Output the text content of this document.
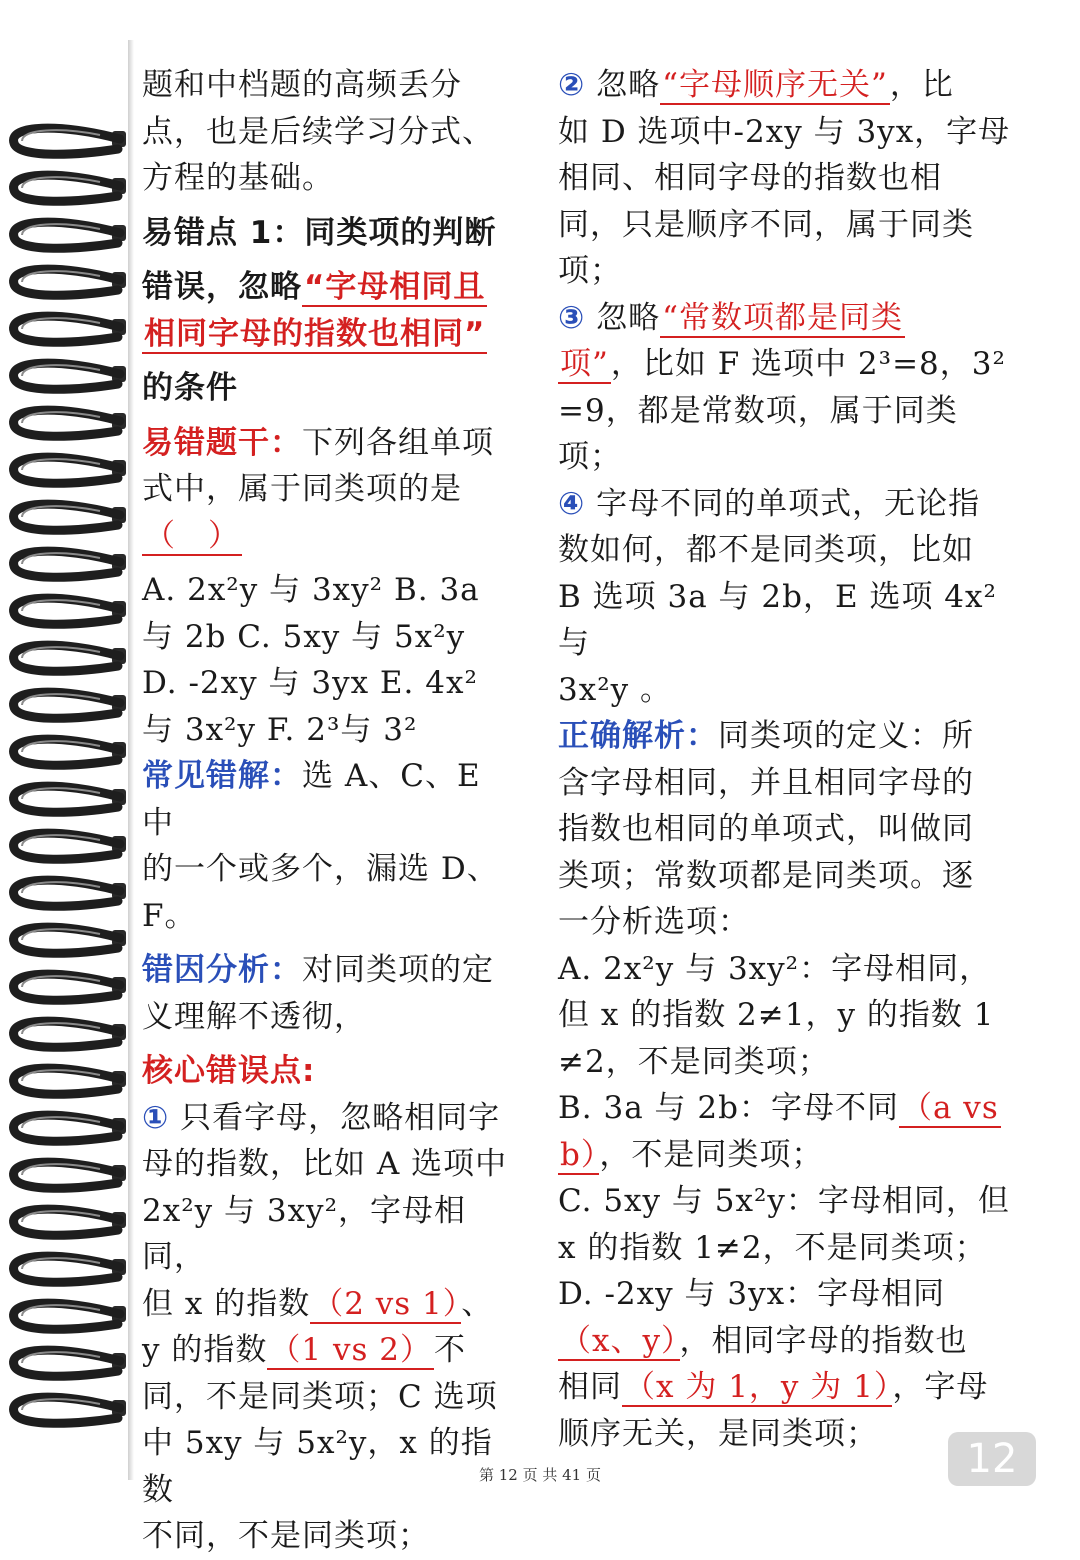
题和中档题的高频丢分

点，也是后续学习分式、

方程的基础。

易错点 1：同类项的判断

错误，忽略“字母相同且

相同字母的指数也相同”

的条件

易错题干：下列各组单项

式中，属于同类项的是

（　）

A. 2x²y 与 3xy² B. 3a

与 2b C. 5xy 与 5x²y

D. -2xy 与 3yx E. 4x²

与 3x²y F. 2³与 3²

常见错解：选 A、C、E 中

的一个或多个，漏选 D、

F。

错因分析：对同类项的定

义理解不透彻，

核心错误点:

① 只看字母，忽略相同字

母的指数，比如 A 选项中

2x²y 与 3xy²，字母相同，

但 x 的指数（2 vs 1）、

y 的指数（1 vs 2）不

同，不是同类项；C 选项

中 5xy 与 5x²y，x 的指数

不同，不是同类项；

② 忽略“字母顺序无关”，比

如 D 选项中-2xy 与 3yx，字母

相同、相同字母的指数也相

同，只是顺序不同，属于同类

项；

③ 忽略“常数项都是同类

项”，比如 F 选项中 2³=8，3²

=9，都是常数项，属于同类

项；

④ 字母不同的单项式，无论指

数如何，都不是同类项，比如

B 选项 3a 与 2b，E 选项 4x²与

3x²y 。

正确解析：同类项的定义：所

含字母相同，并且相同字母的

指数也相同的单项式，叫做同

类项；常数项都是同类项。逐

一分析选项：

A. 2x²y 与 3xy²：字母相同，

但 x 的指数 2≠1，y 的指数 1

≠2，不是同类项；

B. 3a 与 2b：字母不同（a vs

b），不是同类项；

C. 5xy 与 5x²y：字母相同，但

x 的指数 1≠2，不是同类项；

D. -2xy 与 3yx：字母相同

（x、y），相同字母的指数也

相同（x 为 1，y 为 1），字母

顺序无关，是同类项；

12
第 12 页 共 41 页
